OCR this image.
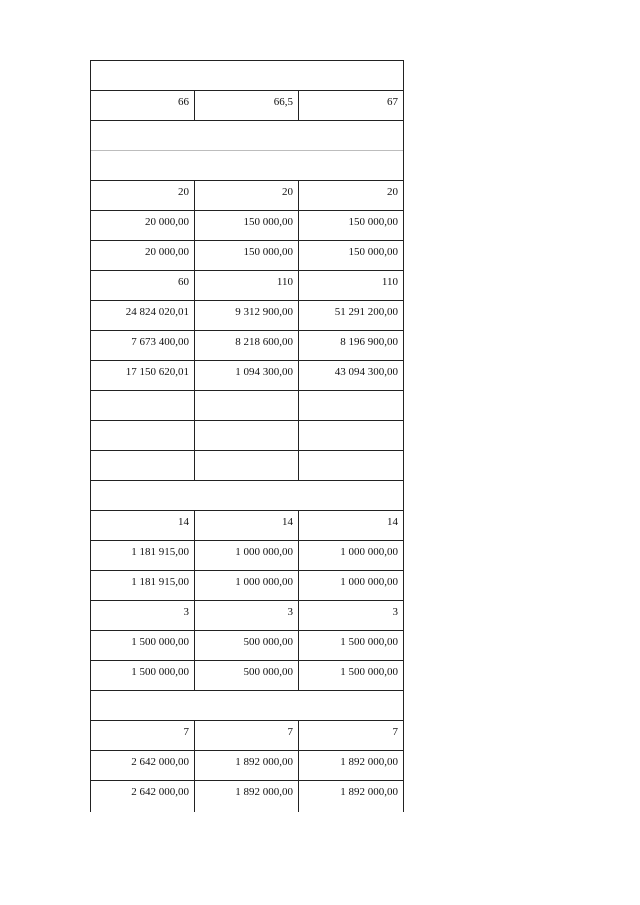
66	66,5	67
20	20	20
20 000,00	150 000,00	150 000,00
20 000,00	150 000,00	150 000,00
60	110	110
24 824 020,01	9 312 900,00	51 291 200,00
7 673 400,00	8 218 600,00	8 196 900,00
17 150 620,01	1 094 300,00	43 094 300,00
14	14	14
1 181 915,00	1 000 000,00	1 000 000,00
1 181 915,00	1 000 000,00	1 000 000,00
3	3	3
1 500 000,00	500 000,00	1 500 000,00
1 500 000,00	500 000,00	1 500 000,00
7	7	7
2 642 000,00	1 892 000,00	1 892 000,00
2 642 000,00	1 892 000,00	1 892 000,00
